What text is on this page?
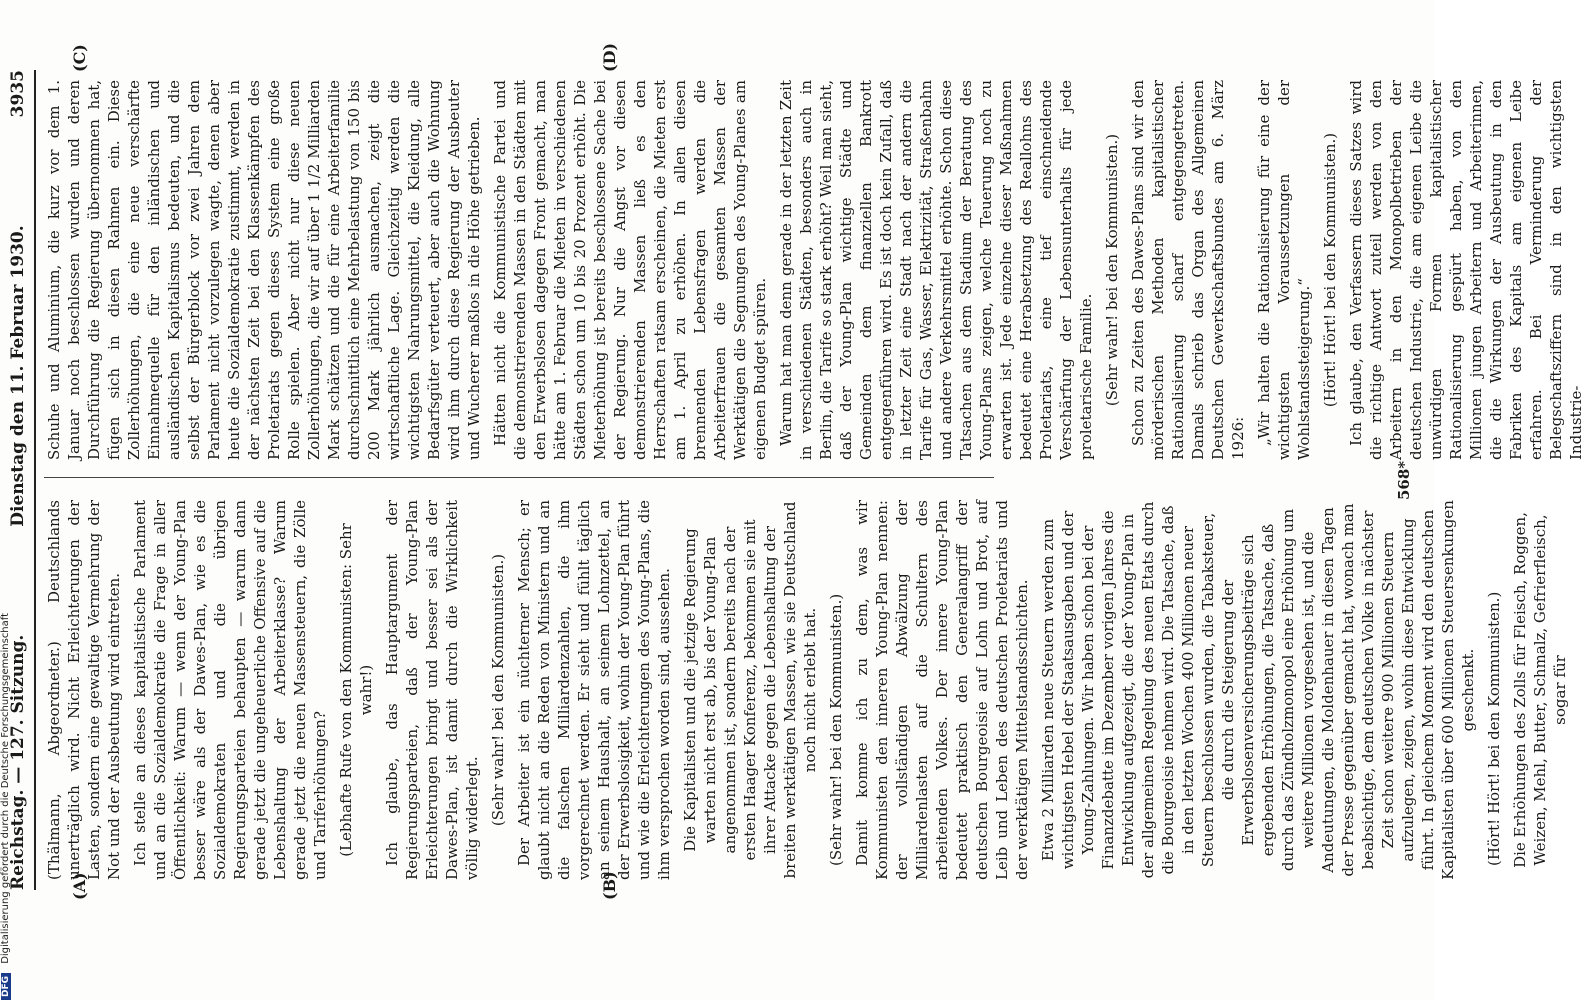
DFG Digitalisierung gefördert durch die Deutsche Forschungsgemeinschaft
Reichstag. — 127. Sitzung.
Dienstag den 11. Februar 1930.
3935
(A)	(B)
(C)	(D)

(Thälmann, Abgeordneter.) Deutschlands unerträglich wird. Nicht Erleichterungen der Lasten, sondern eine gewaltige Vermehrung der Not und der Ausbeutung wird eintreten. Ich stelle an dieses kapitalistische Parlament und an die Sozialdemokratie die Frage in aller Öffentlichkeit: Warum — wenn der Young-Plan besser wäre als der Dawes-Plan, wie es die Sozialdemokraten und die übrigen Regierungsparteien behaupten — warum dann gerade jetzt die ungeheuerliche Offensive auf die Lebenshaltung der Arbeiterklasse? Warum gerade jetzt die neuen Massensteuern, die Zölle und Tariferhöhungen? (Lebhafte Rufe von den Kommunisten: Sehr wahr!) Ich glaube, das Hauptargument der Regierungsparteien, daß der Young-Plan Erleichterungen bringt und besser sei als der Dawes-Plan, ist damit durch die Wirklichkeit völlig widerlegt. (Sehr wahr! bei den Kommunisten.) Der Arbeiter ist ein nüchterner Mensch; er glaubt nicht an die Reden von Ministern und an die falschen Milliardenzahlen, die ihm vorgerechnet werden. Er sieht und fühlt täglich an seinem Haushalt, an seinem Lohnzettel, an der Erwerbslosigkeit, wohin der Young-Plan führt und wie die Erleichterungen des Young-Plans, die ihm versprochen worden sind, aussehen. Die Kapitalisten und die jetzige Regierung warten nicht erst ab, bis der Young-Plan angenommen ist, sondern bereits nach der ersten Haager Konferenz, bekommen sie mit ihrer Attacke gegen die Lebenshaltung der breiten werktätigen Massen, wie sie Deutschland noch nicht erlebt hat. (Sehr wahr! bei den Kommunisten.) Damit komme ich zu dem, was wir Kommunisten den inneren Young-Plan nennen: der vollständigen Abwälzung der Milliardenlasten auf die Schultern des arbeitenden Volkes. Der innere Young-Plan bedeutet praktisch den Generalangriff der deutschen Bourgeoisie auf Lohn und Brot, auf Leib und Leben des deutschen Proletariats und der werktätigen Mittelstandsschichten. Etwa 2 Milliarden neue Steuern werden zum wichtigsten Hebel der Staatsausgaben und der Young-Zahlungen. Wir haben schon bei der Finanzdebatte im Dezember vorigen Jahres die Entwicklung aufgezeigt, die der Young-Plan in der allgemeinen Regelung des neuen Etats durch die Bourgeoisie nehmen wird. Die Tatsache, daß in den letzten Wochen 400 Millionen neuer Steuern beschlossen wurden, die Tabaksteuer, die durch die Steigerung der Erwerbslosenversicherungsbeiträge sich ergebenden Erhöhungen, die Tatsache, daß durch das Zündholzmonopol eine Erhöhung um weitere Millionen vorgesehen ist, und die Andeutungen, die Moldenhauer in diesen Tagen der Presse gegenüber gemacht hat, wonach man beabsichtige, dem deutschen Volke in nächster Zeit schon weitere 900 Millionen Steuern aufzulegen, zeigen, wohin diese Entwicklung führt. In gleichem Moment wird den deutschen Kapitalisten über 600 Millionen Steuersenkungen geschenkt. (Hört! Hört! bei den Kommunisten.) Die Erhöhungen des Zolls für Fleisch, Roggen, Weizen, Mehl, Butter, Schmalz, Gefrierfleisch, sogar für

Schuhe und Aluminium, die kurz vor dem 1. Januar noch beschlossen wurden und deren Durchführung die Regierung übernommen hat, fügen sich in diesen Rahmen ein. Diese Zollerhöhungen, die eine neue verschärfte Einnahmequelle für den inländischen und ausländischen Kapitalismus bedeuten, und die selbst der Bürgerblock vor zwei Jahren dem Parlament nicht vorzulegen wagte, denen aber heute die Sozialdemokratie zustimmt, werden in der nächsten Zeit bei den Klassenkämpfen des Proletariats gegen dieses System eine große Rolle spielen. Aber nicht nur diese neuen Zollerhöhungen, die wir auf über 1 1/2 Milliarden Mark schätzen und die für eine Arbeiterfamilie durchschnittlich eine Mehrbelastung von 150 bis 200 Mark jährlich ausmachen, zeigt die wirtschaftliche Lage. Gleichzeitig werden die wichtigsten Nahrungsmittel, die Kleidung, alle Bedarfsgüter verteuert, aber auch die Wohnung wird ihm durch diese Regierung der Ausbeuter und Wucherer maßlos in die Höhe getrieben. Hätten nicht die Kommunistische Partei und die demonstrierenden Massen in den Städten mit den Erwerbslosen dagegen Front gemacht, man hätte am 1. Februar die Mieten in verschiedenen Städten schon um 10 bis 20 Prozent erhöht. Die Mieterhöhung ist bereits beschlossene Sache bei der Regierung. Nur die Angst vor diesen demonstrierenden Massen ließ es den Herrschaften ratsam erscheinen, die Mieten erst am 1. April zu erhöhen. In allen diesen brennenden Lebensfragen werden die Arbeiterfrauen die gesamten Massen der Werktätigen die Segnungen des Young-Planes am eigenen Budget spüren. Warum hat man denn gerade in der letzten Zeit in verschiedenen Städten, besonders auch in Berlin, die Tarife so stark erhöht? Weil man sieht, daß der Young-Plan wichtige Städte und Gemeinden dem finanziellen Bankrott entgegenführen wird. Es ist doch kein Zufall, daß in letzter Zeit eine Stadt nach der andern die Tarife für Gas, Wasser, Elektrizität, Straßenbahn und andere Verkehrsmittel erhöhte. Schon diese Tatsachen aus dem Stadium der Beratung des Young-Plans zeigen, welche Teuerung noch zu erwarten ist. Jede einzelne dieser Maßnahmen bedeutet eine Herabsetzung des Reallohns des Proletariats, eine tief einschneidende Verschärfung der Lebensunterhalts für jede proletarische Familie. (Sehr wahr! bei den Kommunisten.) Schon zu Zeiten des Dawes-Plans sind wir den mörderischen Methoden kapitalistischer Rationalisierung scharf entgegengetreten. Damals schrieb das Organ des Allgemeinen Deutschen Gewerkschaftsbundes am 6. März 1926: „Wir halten die Rationalisierung für eine der wichtigsten Voraussetzungen der Wohlstandssteigerung.“ (Hört! Hört! bei den Kommunisten.) Ich glaube, den Verfassern dieses Satzes wird die richtige Antwort zuteil werden von den Arbeitern in den Monopolbetrieben der deutschen Industrie, die am eigenen Leibe die unwürdigen Formen kapitalistischer Rationalisierung gespürt haben, von den Millionen jungen Arbeitern und Arbeiterinnen, die die Wirkungen der Ausbeutung in den Fabriken des Kapitals am eigenen Leibe erfahren. Bei Verminderung der Belegschaftsziffern sind in den wichtigsten Industrie-

568*
